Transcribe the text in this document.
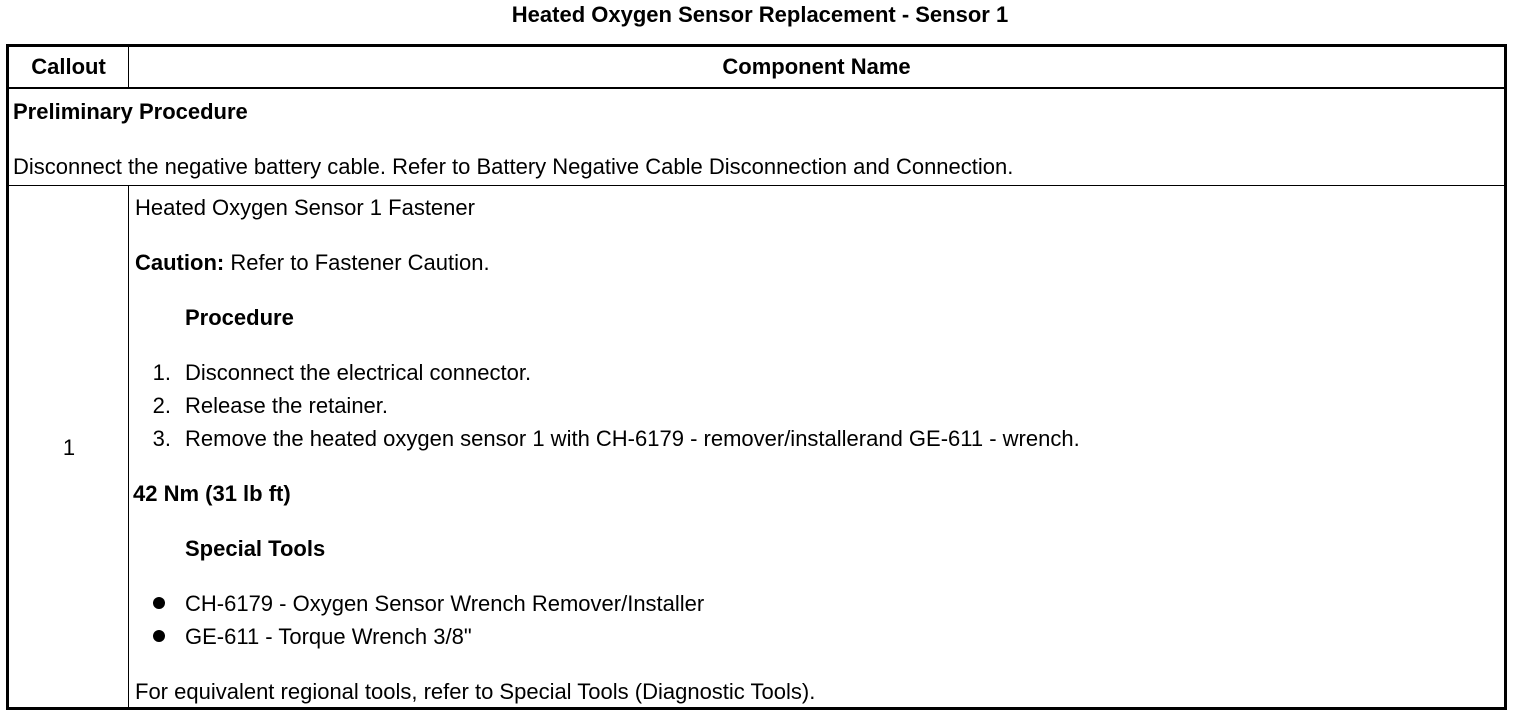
Heated Oxygen Sensor Replacement - Sensor 1
Callout	Component Name
Preliminary Procedure
Disconnect the negative battery cable. Refer to Battery Negative Cable Disconnection and Connection.
1
Heated Oxygen Sensor 1 Fastener
Caution: Refer to Fastener Caution.
Procedure
1. Disconnect the electrical connector.
2. Release the retainer.
3. Remove the heated oxygen sensor 1 with CH-6179 - remover/installerand GE-611 - wrench.
42 Nm (31 lb ft)
Special Tools
CH-6179 - Oxygen Sensor Wrench Remover/Installer
GE-611 - Torque Wrench 3/8"
For equivalent regional tools, refer to Special Tools (Diagnostic Tools).
